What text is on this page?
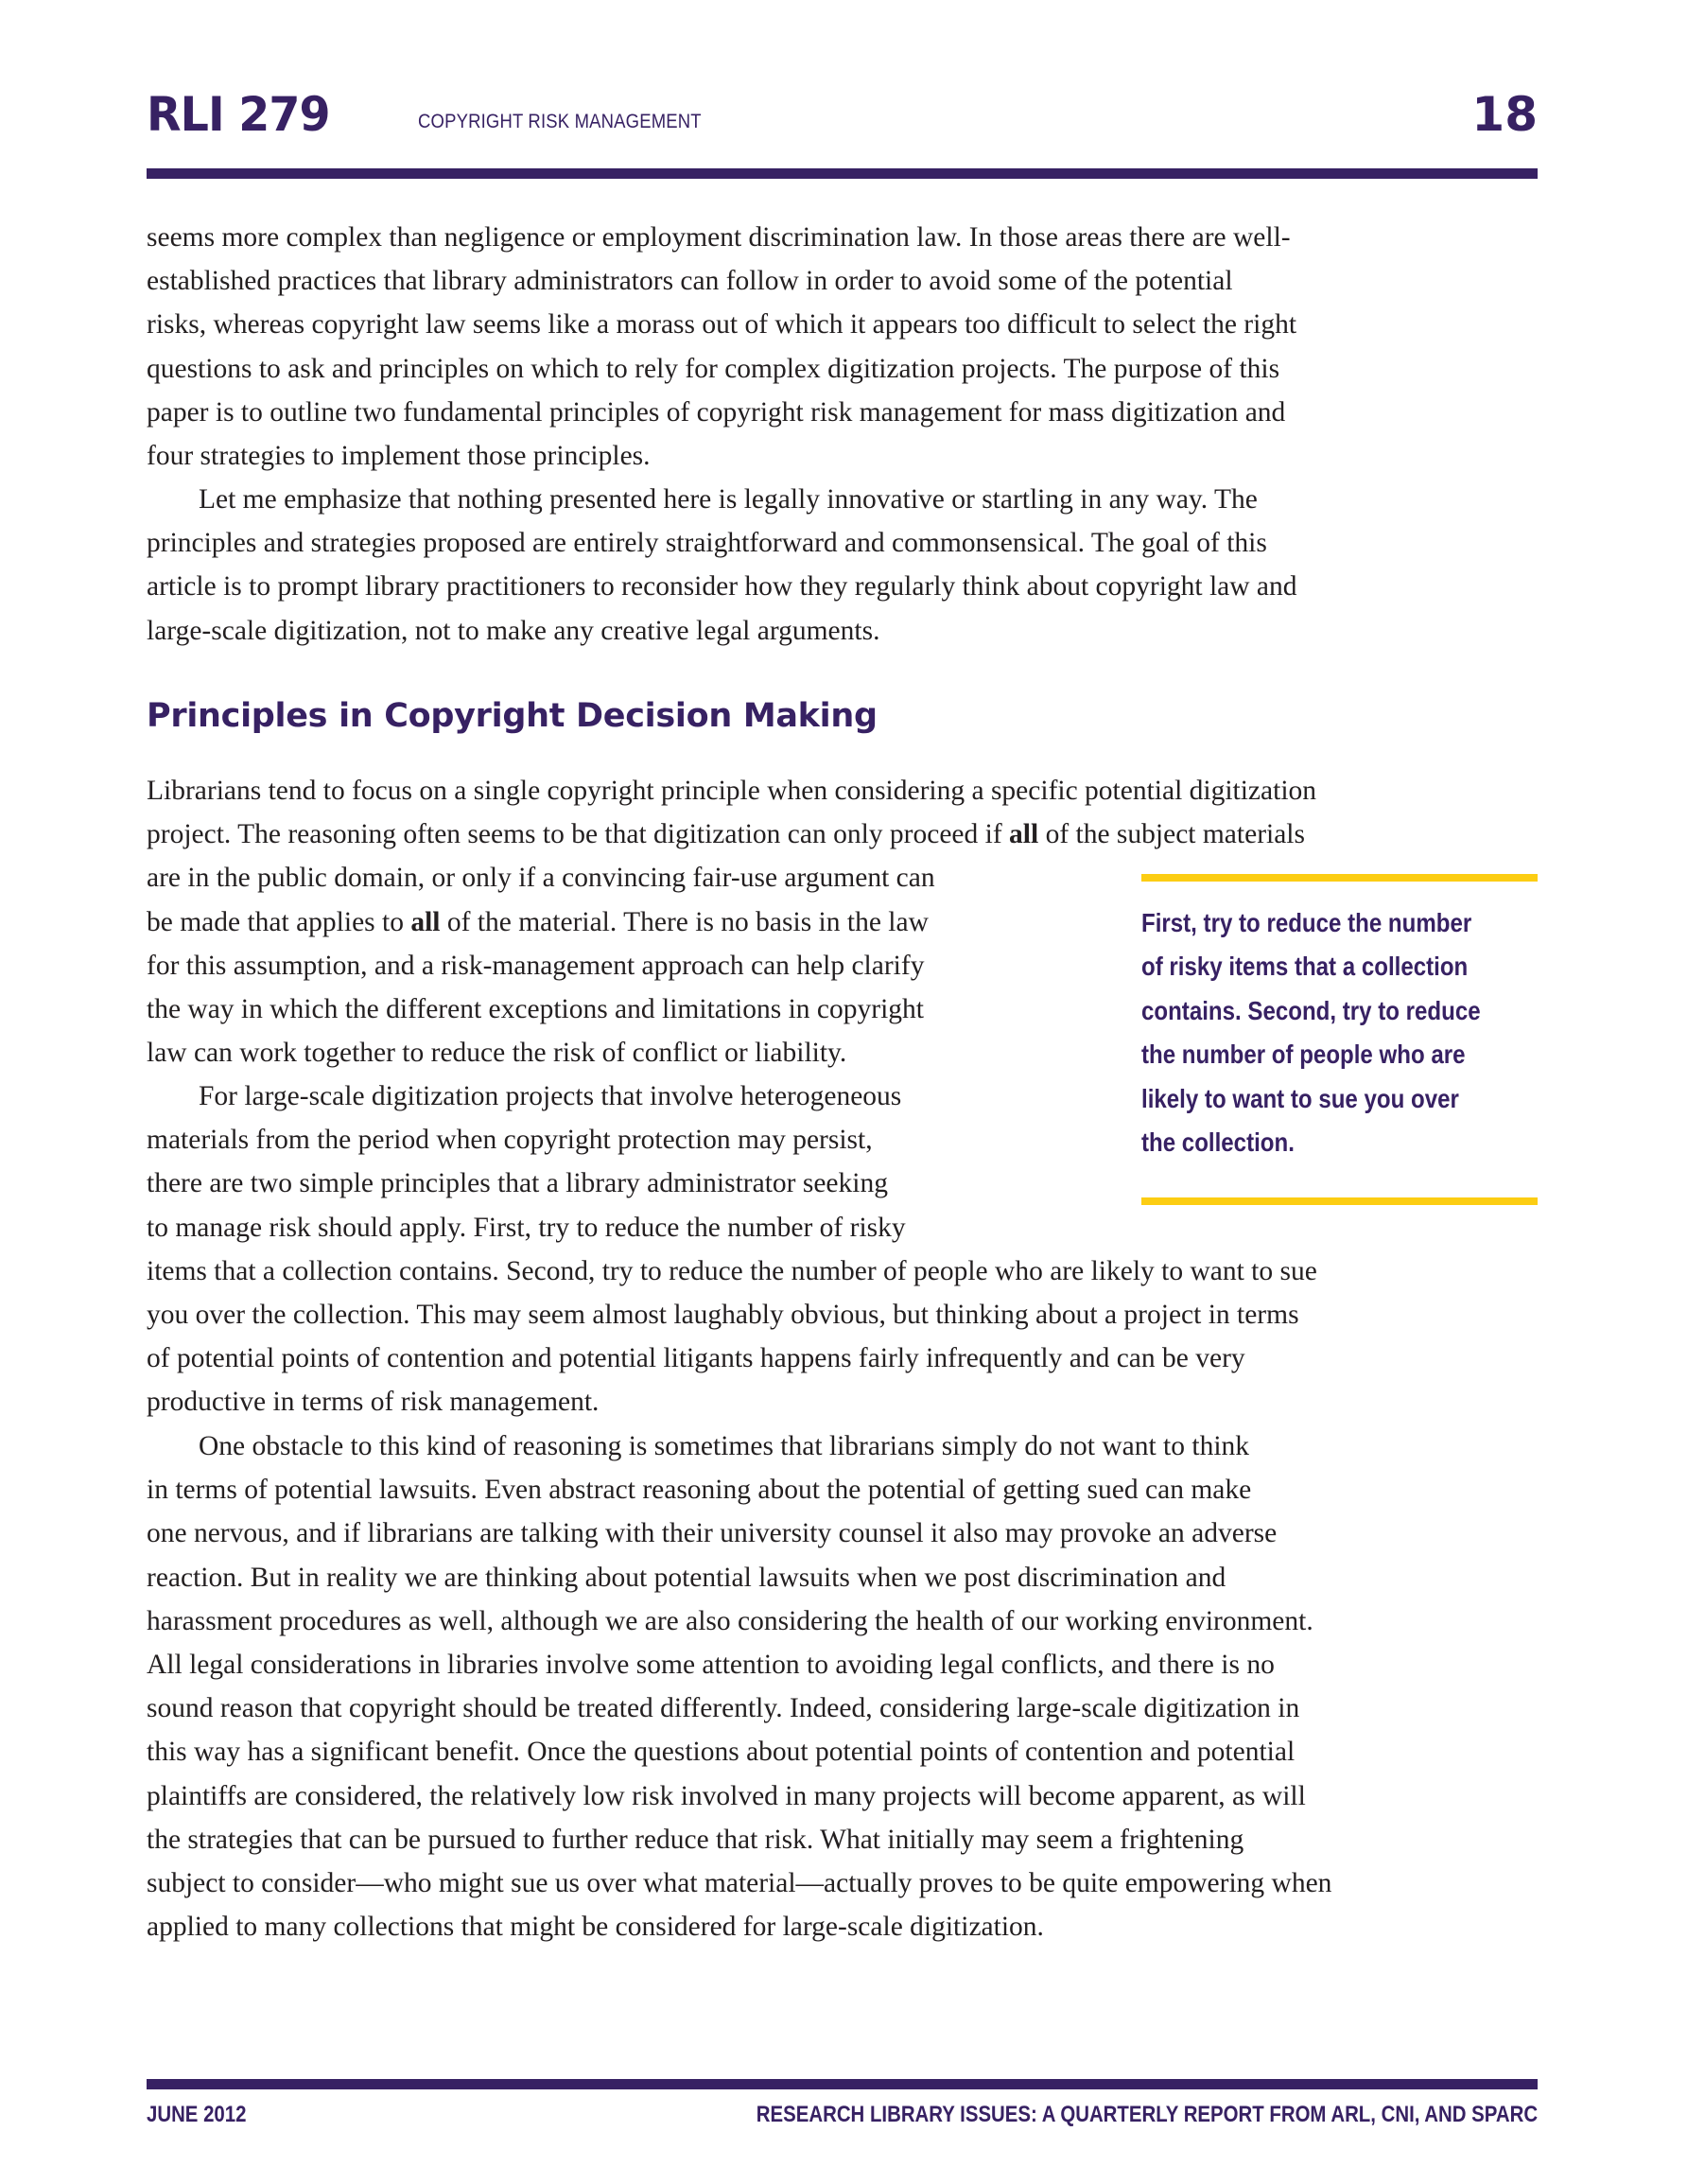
RLI 279	COPYRIGHT RISK MANAGEMENT	18
seems more complex than negligence or employment discrimination law. In those areas there are well-
established practices that library administrators can follow in order to avoid some of the potential
risks, whereas copyright law seems like a morass out of which it appears too difficult to select the right
questions to ask and principles on which to rely for complex digitization projects. The purpose of this
paper is to outline two fundamental principles of copyright risk management for mass digitization and
four strategies to implement those principles.
Let me emphasize that nothing presented here is legally innovative or startling in any way. The
principles and strategies proposed are entirely straightforward and commonsensical. The goal of this
article is to prompt library practitioners to reconsider how they regularly think about copyright law and
large-scale digitization, not to make any creative legal arguments.
Principles in Copyright Decision Making
Librarians tend to focus on a single copyright principle when considering a specific potential digitization
project. The reasoning often seems to be that digitization can only proceed if all of the subject materials
are in the public domain, or only if a convincing fair-use argument can
be made that applies to all of the material. There is no basis in the law
for this assumption, and a risk-management approach can help clarify
the way in which the different exceptions and limitations in copyright
law can work together to reduce the risk of conflict or liability.
For large-scale digitization projects that involve heterogeneous
materials from the period when copyright protection may persist,
there are two simple principles that a library administrator seeking
to manage risk should apply. First, try to reduce the number of risky
items that a collection contains. Second, try to reduce the number of people who are likely to want to sue
you over the collection. This may seem almost laughably obvious, but thinking about a project in terms
of potential points of contention and potential litigants happens fairly infrequently and can be very
productive in terms of risk management.
One obstacle to this kind of reasoning is sometimes that librarians simply do not want to think
in terms of potential lawsuits. Even abstract reasoning about the potential of getting sued can make
one nervous, and if librarians are talking with their university counsel it also may provoke an adverse
reaction. But in reality we are thinking about potential lawsuits when we post discrimination and
harassment procedures as well, although we are also considering the health of our working environment.
All legal considerations in libraries involve some attention to avoiding legal conflicts, and there is no
sound reason that copyright should be treated differently. Indeed, considering large-scale digitization in
this way has a significant benefit. Once the questions about potential points of contention and potential
plaintiffs are considered, the relatively low risk involved in many projects will become apparent, as will
the strategies that can be pursued to further reduce that risk. What initially may seem a frightening
subject to consider—who might sue us over what material—actually proves to be quite empowering when
applied to many collections that might be considered for large-scale digitization.
First, try to reduce the number
of risky items that a collection
contains. Second, try to reduce
the number of people who are
likely to want to sue you over
the collection.
JUNE 2012	RESEARCH LIBRARY ISSUES: A QUARTERLY REPORT FROM ARL, CNI, AND SPARC
